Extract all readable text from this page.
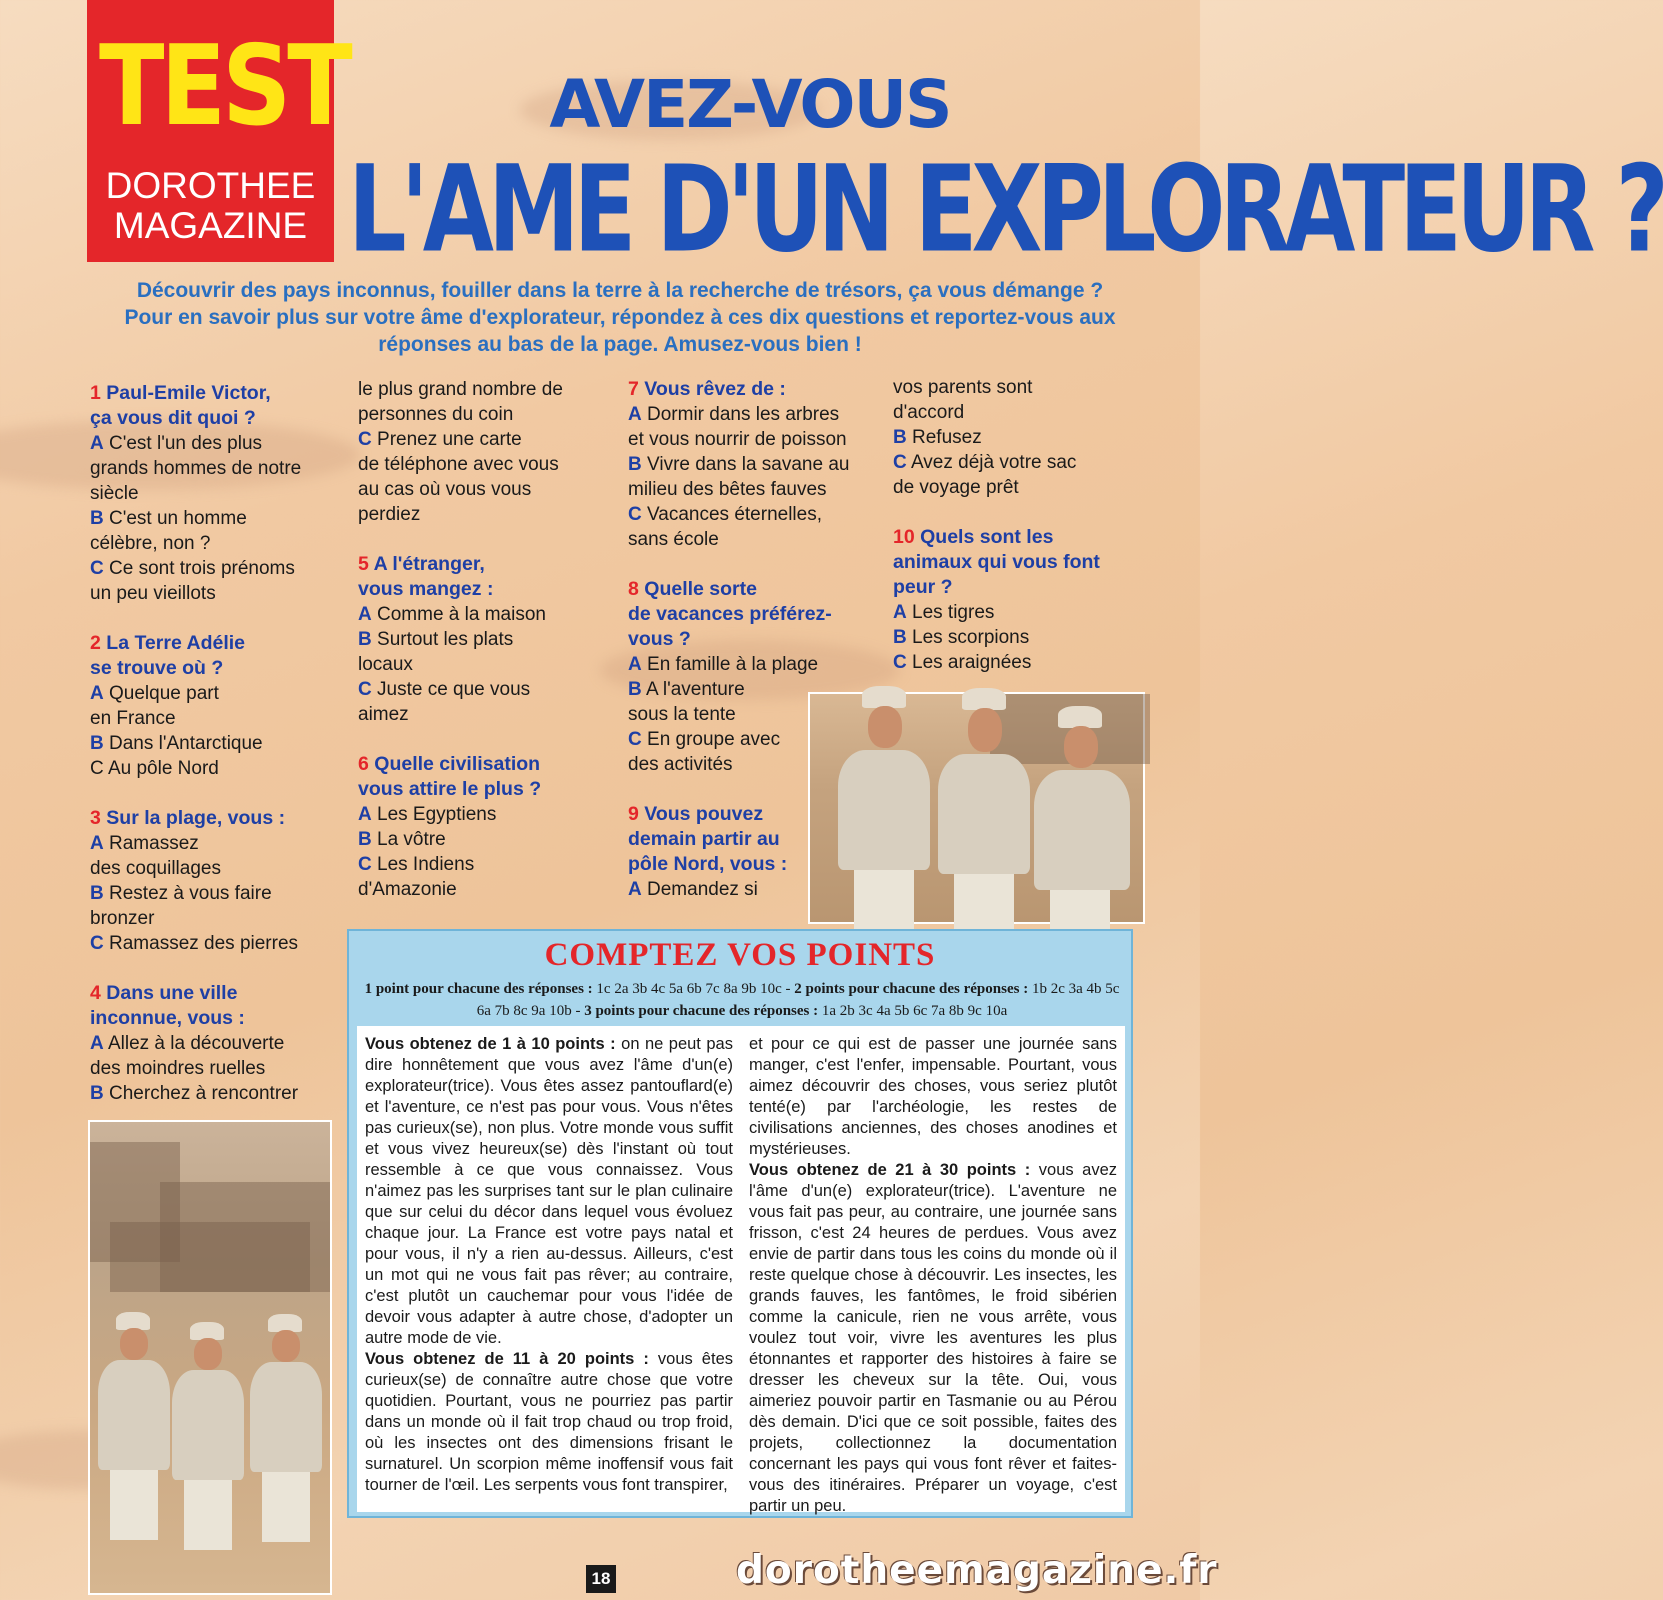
TEST
DOROTHEE
MAGAZINE
AVEZ-VOUS
L'AME D'UN EXPLORATEUR ?
Découvrir des pays inconnus, fouiller dans la terre à la recherche de trésors, ça vous démange ? Pour en savoir plus sur votre âme d'explorateur, répondez à ces dix questions et reportez-vous aux réponses au bas de la page. Amusez-vous bien !
1 Paul-Emile Victor,
ça vous dit quoi ?
A C'est l'un des plus
grands hommes de notre
siècle
B C'est un homme
célèbre, non ?
C Ce sont trois prénoms
un peu vieillots
2 La Terre Adélie
se trouve où ?
A Quelque part
en France
B Dans l'Antarctique
C Au pôle Nord
3 Sur la plage, vous :
A Ramassez
des coquillages
B Restez à vous faire
bronzer
C Ramassez des pierres
4 Dans une ville
inconnue, vous :
A Allez à la découverte
des moindres ruelles
B Cherchez à rencontrer
le plus grand nombre de
personnes du coin
C Prenez une carte
de téléphone avec vous
au cas où vous vous
perdiez
5 A l'étranger,
vous mangez :
A Comme à la maison
B Surtout les plats
locaux
C Juste ce que vous
aimez
6 Quelle civilisation
vous attire le plus ?
A Les Egyptiens
B La vôtre
C Les Indiens
d'Amazonie
7 Vous rêvez de :
A Dormir dans les arbres
et vous nourrir de poisson
B Vivre dans la savane au
milieu des bêtes fauves
C Vacances éternelles,
sans école
8 Quelle sorte
de vacances préférez-
vous ?
A En famille à la plage
B A l'aventure
sous la tente
C En groupe avec
des activités
9 Vous pouvez
demain partir au
pôle Nord, vous :
A Demandez si
vos parents sont
d'accord
B Refusez
C Avez déjà votre sac
de voyage prêt
10 Quels sont les
animaux qui vous font
peur ?
A Les tigres
B Les scorpions
C Les araignées
COMPTEZ VOS POINTS
1 point pour chacune des réponses : 1c 2a 3b 4c 5a 6b 7c 8a 9b 10c - 2 points pour chacune des réponses : 1b 2c 3a 4b 5c 6a 7b 8c 9a 10b - 3 points pour chacune des réponses : 1a 2b 3c 4a 5b 6c 7a 8b 9c 10a
Vous obtenez de 1 à 10 points : on ne peut pas dire honnêtement que vous avez l'âme d'un(e) explorateur(trice). Vous êtes assez pantouflard(e) et l'aventure, ce n'est pas pour vous. Vous n'êtes pas curieux(se), non plus. Votre monde vous suffit et vous vivez heureux(se) dès l'instant où tout ressemble à ce que vous connaissez. Vous n'aimez pas les surprises tant sur le plan culinaire que sur celui du décor dans lequel vous évoluez chaque jour. La France est votre pays natal et pour vous, il n'y a rien au-dessus. Ailleurs, c'est un mot qui ne vous fait pas rêver; au contraire, c'est plutôt un cauchemar pour vous l'idée de devoir vous adapter à autre chose, d'adopter un autre mode de vie.
Vous obtenez de 11 à 20 points : vous êtes curieux(se) de connaître autre chose que votre quotidien. Pourtant, vous ne pourriez pas partir dans un monde où il fait trop chaud ou trop froid, où les insectes ont des dimensions frisant le surnaturel. Un scorpion même inoffensif vous fait tourner de l'œil. Les serpents vous font transpirer,
et pour ce qui est de passer une journée sans manger, c'est l'enfer, impensable. Pourtant, vous aimez découvrir des choses, vous seriez plutôt tenté(e) par l'archéologie, les restes de civilisations anciennes, des choses anodines et mystérieuses.
Vous obtenez de 21 à 30 points : vous avez l'âme d'un(e) explorateur(trice). L'aventure ne vous fait pas peur, au contraire, une journée sans frisson, c'est 24 heures de perdues. Vous avez envie de partir dans tous les coins du monde où il reste quelque chose à découvrir. Les insectes, les grands fauves, les fantômes, le froid sibérien comme la canicule, rien ne vous arrête, vous voulez tout voir, vivre les aventures les plus étonnantes et rapporter des histoires à faire se dresser les cheveux sur la tête. Oui, vous aimeriez pouvoir partir en Tasmanie ou au Pérou dès demain. D'ici que ce soit possible, faites des projets, collectionnez la documentation concernant les pays qui vous font rêver et faites-vous des itinéraires. Préparer un voyage, c'est partir un peu.
18	dorotheemagazine.fr
